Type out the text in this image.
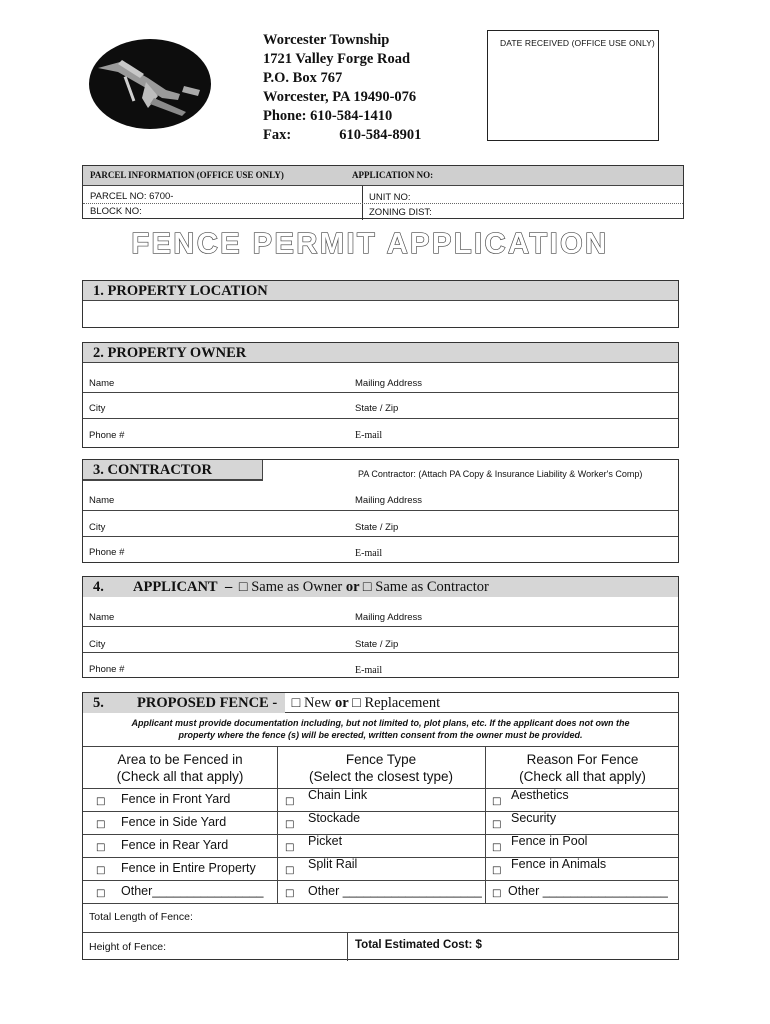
Worcester Township
1721 Valley Forge Road
P.O. Box 767
Worcester, PA 19490-076
Phone: 610-584-1410
Fax:	610-584-8901
DATE RECEIVED (OFFICE USE ONLY)
PARCEL INFORMATION (OFFICE USE ONLY)	APPLICATION NO:
PARCEL NO: 6700-	UNIT NO:
BLOCK NO:	ZONING DIST:
FENCE PERMIT APPLICATION
1. PROPERTY LOCATION
2. PROPERTY OWNER
Name	Mailing Address
City	State / Zip
Phone #	E-mail
3. CONTRACTOR	PA Contractor: (Attach PA Copy & Insurance Liability & Worker's Comp)
Name	Mailing Address
City	State / Zip
Phone #	E-mail
4. APPLICANT – □ Same as Owner or □ Same as Contractor
Name	Mailing Address
City	State / Zip
Phone #	E-mail
5. PROPOSED FENCE - □ New or □ Replacement
Applicant must provide documentation including, but not limited to, plot plans, etc. If the applicant does not own the
property where the fence (s) will be erected, written consent from the owner must be provided.
Area to be Fenced in
(Check all that apply)
Fence Type
(Select the closest type)
Reason For Fence
(Check all that apply)
□ Fence in Front Yard	□ Chain Link	□ Aesthetics
□ Fence in Side Yard	□ Stockade	□ Security
□ Fence in Rear Yard	□ Picket	□ Fence in Pool
□ Fence in Entire Property	□ Split Rail	□ Fence in Animals
□ Other________________ □ Other ____________________ □ Other __________________
Total Length of Fence:
Height of Fence:	Total Estimated Cost: $
